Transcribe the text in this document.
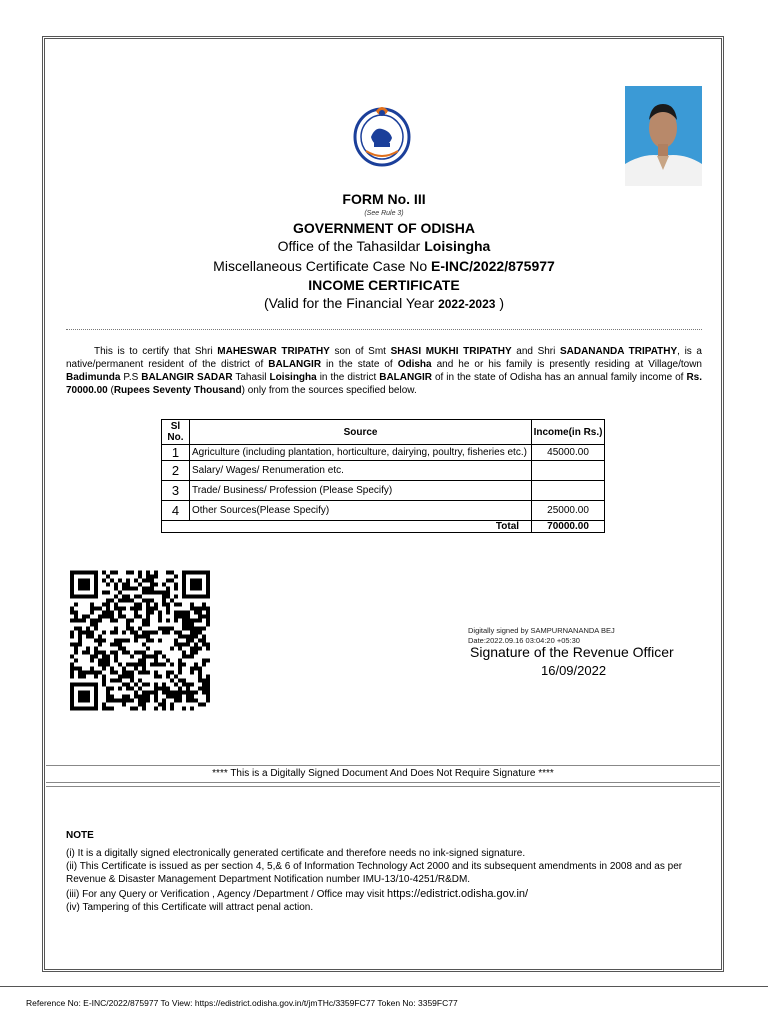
FORM No. III
(See Rule 3)
GOVERNMENT OF ODISHA
Office of the Tahasildar Loisingha
Miscellaneous Certificate Case No E-INC/2022/875977
INCOME CERTIFICATE
(Valid for the Financial Year 2022-2023 )
This is to certify that Shri MAHESWAR TRIPATHY son of Smt SHASI MUKHI TRIPATHY and Shri SADANANDA TRIPATHY, is a native/permanent resident of the district of BALANGIR in the state of Odisha and he or his family is presently residing at Village/town Badimunda P.S BALANGIR SADAR Tahasil Loisingha in the district BALANGIR of in the state of Odisha has an annual family income of Rs. 70000.00 (Rupees Seventy Thousand) only from the sources specified below.
Sl No.	Source	Income(in Rs.)
1	Agriculture (including plantation, horticulture, dairying, poultry, fisheries etc.)	45000.00
2	Salary/ Wages/ Renumeration etc.	
3	Trade/ Business/ Profession (Please Specify)	
4	Other Sources(Please Specify)	25000.00
Total		70000.00
Digitally signed by SAMPURNANANDA BEJ
Date:2022.09.16 03:04:20 +05:30
Signature of the Revenue Officer
16/09/2022
**** This is a Digitally Signed Document And Does Not Require Signature ****
NOTE

(i) It is a digitally signed electronically generated certificate and therefore needs no ink-signed signature.

(ii) This Certificate is issued as per section 4, 5,& 6 of Information Technology Act 2000 and its subsequent amendments in 2008 and as per Revenue & Disaster Management Department Notification number IMU-13/10-4251/R&DM.

(iii) For any Query or Verification , Agency /Department / Office may visit https://edistrict.odisha.gov.in/

(iv) Tampering of this Certificate will attract penal action.

Reference No: E-INC/2022/875977 To View: https://edistrict.odisha.gov.in/t/jmTHc/3359FC77 Token No: 3359FC77
